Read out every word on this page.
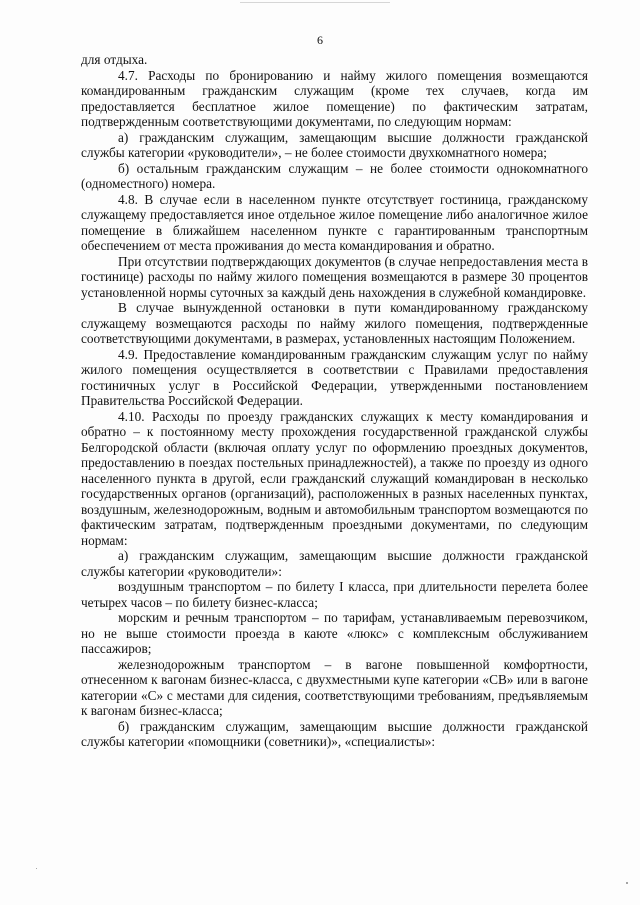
6

для отдыха.

4.7. Расходы по бронированию и найму жилого помещения возмещаются командированным гражданским служащим (кроме тех случаев, когда им предоставляется бесплатное жилое помещение) по фактическим затратам, подтвержденным соответствующими документами, по следующим нормам:

а) гражданским служащим, замещающим высшие должности гражданской службы категории «руководители», – не более стоимости двухкомнатного номера;

б) остальным гражданским служащим – не более стоимости однокомнатного (одноместного) номера.

4.8. В случае если в населенном пункте отсутствует гостиница, гражданскому служащему предоставляется иное отдельное жилое помещение либо аналогичное жилое помещение в ближайшем населенном пункте с гарантированным транспортным обеспечением от места проживания до места командирования и обратно.

При отсутствии подтверждающих документов (в случае непредоставления места в гостинице) расходы по найму жилого помещения возмещаются в размере 30 процентов установленной нормы суточных за каждый день нахождения в служебной командировке.

В случае вынужденной остановки в пути командированному гражданскому служащему возмещаются расходы по найму жилого помещения, подтвержденные соответствующими документами, в размерах, установленных настоящим Положением.

4.9. Предоставление командированным гражданским служащим услуг по найму жилого помещения осуществляется в соответствии с Правилами предоставления гостиничных услуг в Российской Федерации, утвержденными постановлением Правительства Российской Федерации.

4.10. Расходы по проезду гражданских служащих к месту командирования и обратно – к постоянному месту прохождения государственной гражданской службы Белгородской области (включая оплату услуг по оформлению проездных документов, предоставлению в поездах постельных принадлежностей), а также по проезду из одного населенного пункта в другой, если гражданский служащий командирован в несколько государственных органов (организаций), расположенных в разных населенных пунктах, воздушным, железнодорожным, водным и автомобильным транспортом возмещаются по фактическим затратам, подтвержденным проездными документами, по следующим нормам:

а) гражданским служащим, замещающим высшие должности гражданской службы категории «руководители»:

воздушным транспортом – по билету I класса, при длительности перелета более четырех часов – по билету бизнес-класса;

морским и речным транспортом – по тарифам, устанавливаемым перевозчиком, но не выше стоимости проезда в каюте «люкс» с комплексным обслуживанием пассажиров;

железнодорожным транспортом – в вагоне повышенной комфортности, отнесенном к вагонам бизнес-класса, с двухместными купе категории «СВ» или в вагоне категории «С» с местами для сидения, соответствующими требованиям, предъявляемым к вагонам бизнес-класса;

б) гражданским служащим, замещающим высшие должности гражданской службы категории «помощники (советники)», «специалисты»:
